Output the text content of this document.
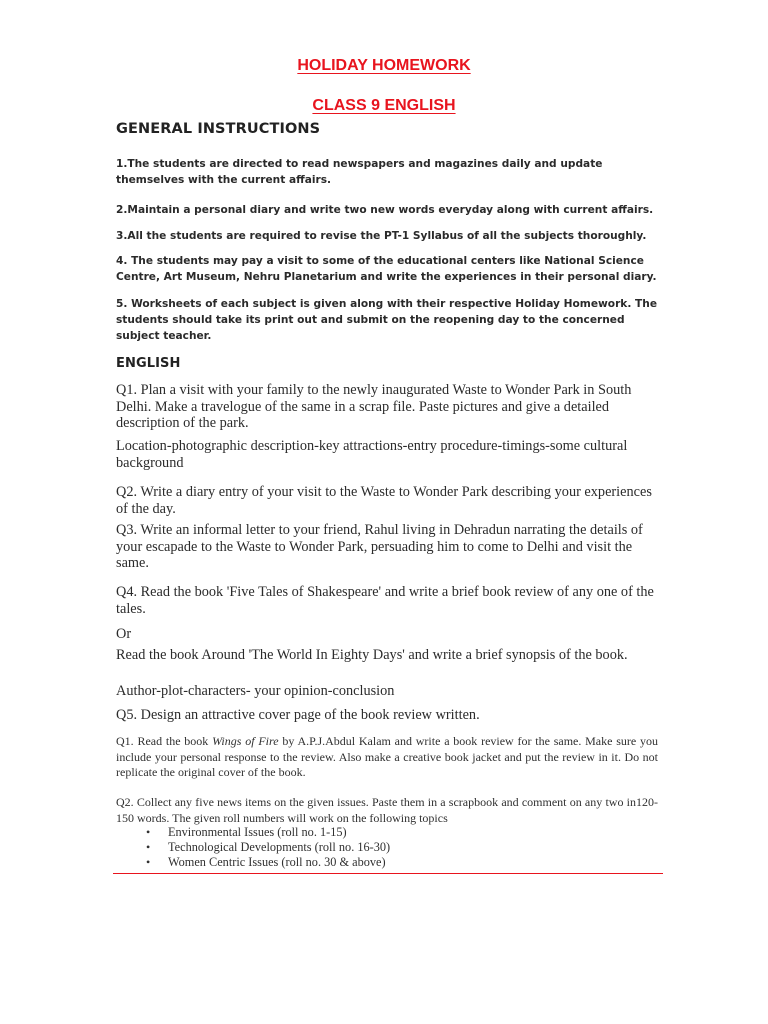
HOLIDAY HOMEWORK
CLASS 9 ENGLISH
GENERAL INSTRUCTIONS
1.The students are directed to read newspapers and magazines daily and update themselves with the current affairs.
2.Maintain a personal diary and write two new words everyday along with current affairs.
3.All the students are required to revise the PT-1 Syllabus of all the subjects thoroughly.
4. The students may pay a visit to some of the educational centers like National Science Centre, Art Museum, Nehru Planetarium and write the experiences in their personal diary.
5. Worksheets of each subject is given along with their respective Holiday Homework. The students should take its print out and submit on the reopening day to the concerned subject teacher.
ENGLISH
Q1. Plan a visit with your family to the newly inaugurated Waste to Wonder Park in South Delhi. Make a travelogue of the same in a scrap file. Paste pictures and give a detailed description of the park.
Location-photographic description-key attractions-entry procedure-timings-some cultural background
Q2. Write a diary entry of your visit to the Waste to Wonder Park describing your experiences of the day.
Q3. Write an informal letter to your friend, Rahul living in Dehradun narrating the details of your escapade to the Waste to Wonder Park, persuading him to come to Delhi and visit the same.
Q4. Read the book 'Five Tales of Shakespeare' and write a brief book review of any one of the tales.
Or
Read the book Around 'The World In Eighty Days' and write a brief synopsis of the book.
Author-plot-characters- your opinion-conclusion
Q5. Design an attractive cover page of the book review written.
Q1. Read the book Wings of Fire by A.P.J.Abdul Kalam and write a book review for the same. Make sure you include your personal response to the review. Also make a creative book jacket and put the review in it. Do not replicate the original cover of the book.
Q2. Collect any five news items on the given issues. Paste them in a scrapbook and comment on any two in120-150 words. The given roll numbers will work on the following topics
• Environmental Issues (roll no. 1-15)
• Technological Developments (roll no. 16-30)
• Women Centric Issues (roll no. 30 & above)
